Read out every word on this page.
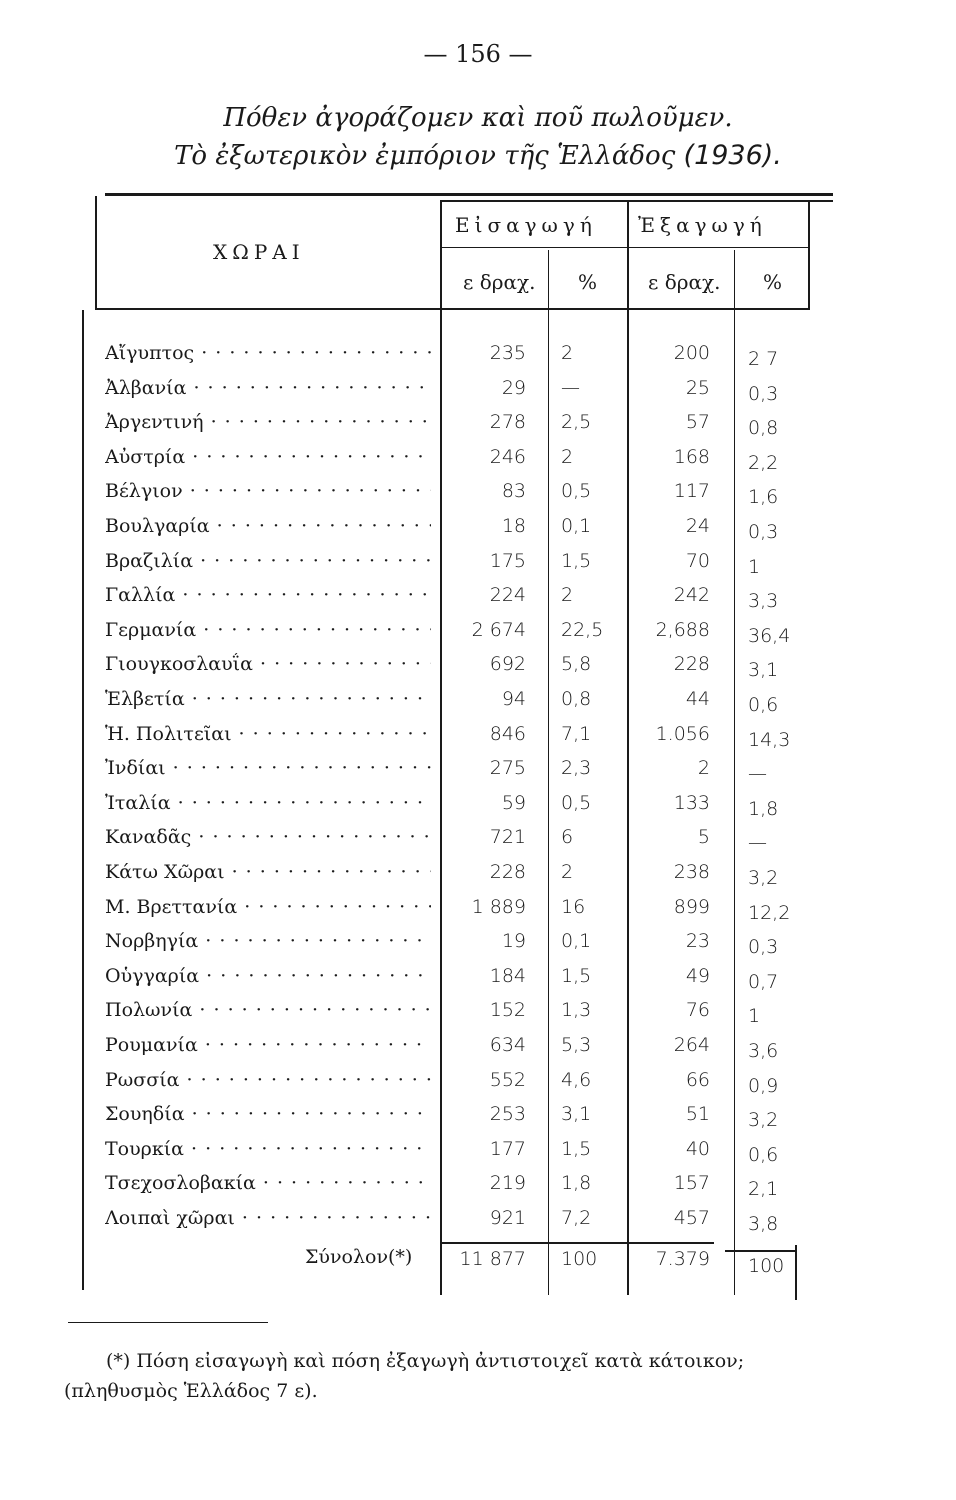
— 156 —
Πόθεν ἀγοράζομεν καὶ ποῦ πωλοῦμεν.
Τὸ ἐξωτερικὸν ἐμπόριον τῆς Ἑλλάδος (1936).
ΧΩΡΑΙ
Εἰσαγωγή Ἐξαγωγή
ε δραχ. %	ε δραχ. %
Αἴγυπτος · · ·	235 2	200 2 7
Ἀλβανία · · ·	29 —	25 0,3
Ἀργεντινή · · ·	278 2,5	57 0,8
Αὐστρία · · ·	246 2	168 2,2
Βέλγιον · · ·	83 0,5	117 1,6
Βουλγαρία · · ·	18 0,1	24 0,3
Βραζιλία · · ·	175 1,5	70 1
Γαλλία · · ·	224 2	242 3,3
Γερμανία · · ·	2 674 22,5	2,688 36,4
Γιουγκοσλαυΐα · · ·	692 5,8	228 3,1
Ἑλβετία · · ·	94 0,8	44 0,6
Ἡ. Πολιτεῖαι · · ·	846 7,1	1.056 14,3
Ἰνδίαι · · ·	275 2,3	2 —
Ἰταλία · · ·	59 0,5	133 1,8
Καναδᾶς · · ·	721 6	5 —
Κάτω Χῶραι · · ·	228 2	238 3,2
Μ. Βρεττανία · · ·	1 889 16	899 12,2
Νορβηγία · · ·	19 0,1	23 0,3
Οὑγγαρία · · ·	184 1,5	49 0,7
Πολωνία · · ·	152 1,3	76 1
Ρουμανία · · ·	634 5,3	264 3,6
Ρωσσία · · ·	552 4,6	66 0,9
Σουηδία · · ·	253 3,1	51 3,2
Τουρκία · · ·	177 1,5	40 0,6
Τσεχοσλοβακία · · ·	219 1,8	157 2,1
Λοιπαὶ χῶραι · · ·	921 7,2	457 3,8
Σύνολον(*)	11 877 100	7.379 100
(*) Πόση εἰσαγωγὴ καὶ πόση ἐξαγωγὴ ἀντιστοιχεῖ κατὰ κάτοικον;
(πληθυσμὸς Ἑλλάδος 7 ε).
